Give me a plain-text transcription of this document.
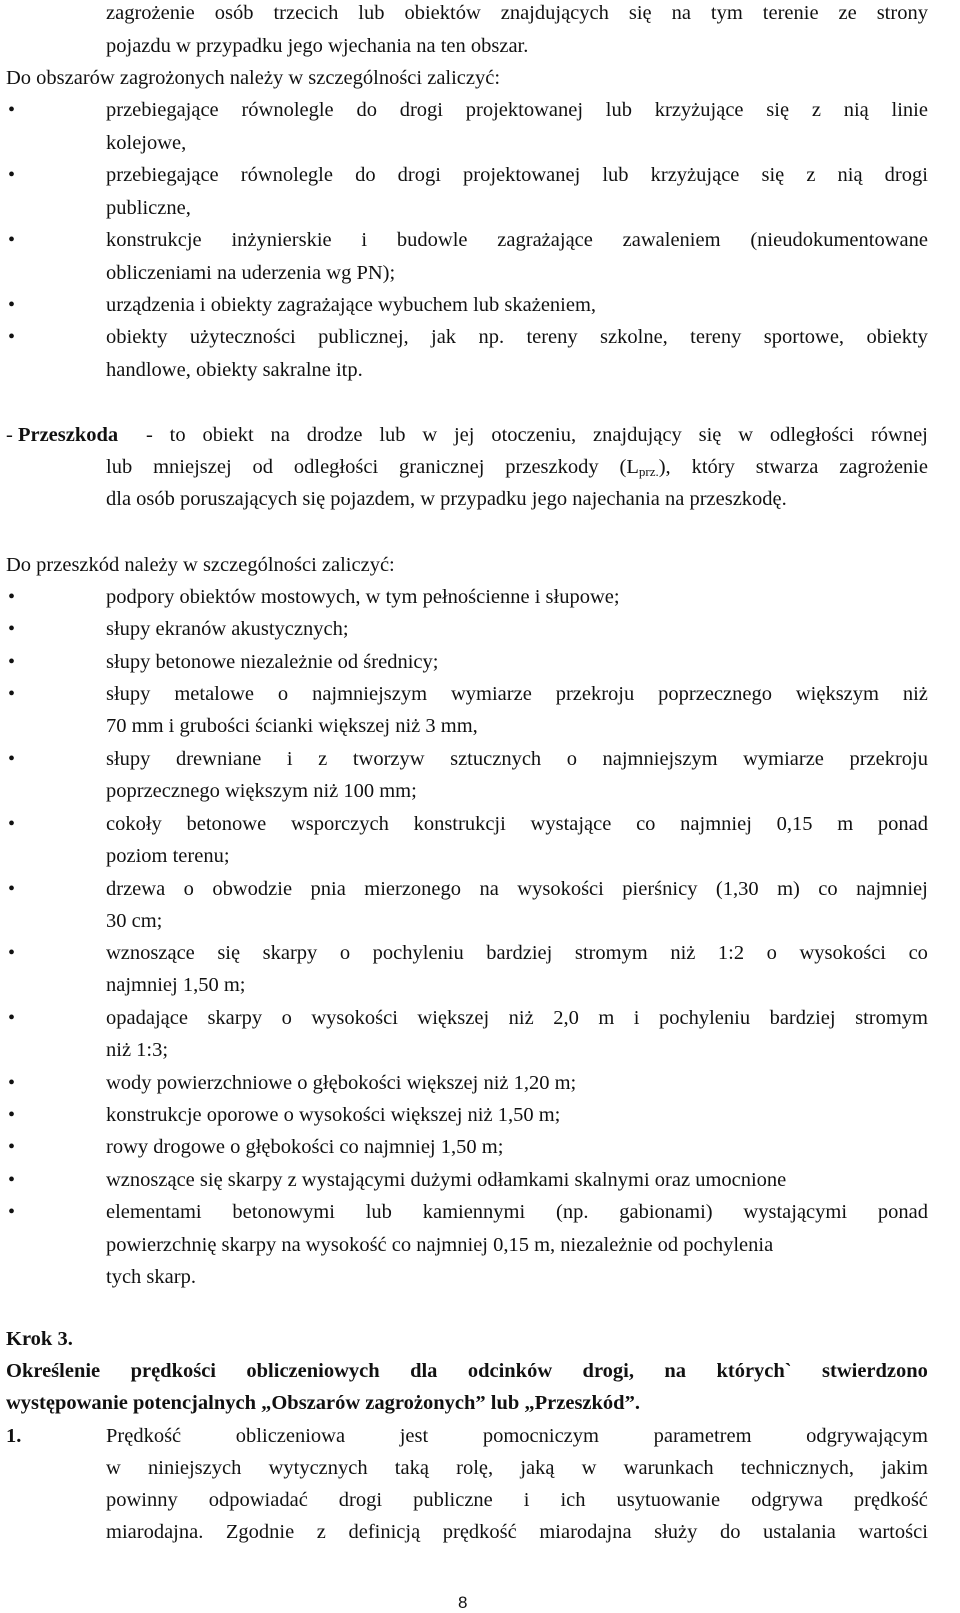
zagrożenie osób trzecich lub obiektów znajdujących się na tym terenie ze strony
pojazdu w przypadku jego wjechania na ten obszar.
Do obszarów zagrożonych należy w szczególności zaliczyć:
•	przebiegające równolegle do drogi projektowanej lub krzyżujące się z nią linie
kolejowe,
•	przebiegające równolegle do drogi projektowanej lub krzyżujące się z nią drogi
publiczne,
•	konstrukcje inżynierskie i budowle zagrażające zawaleniem (nieudokumentowane
obliczeniami na uderzenia wg PN);
•	urządzenia i obiekty zagrażające wybuchem lub skażeniem,
•	obiekty użyteczności publicznej, jak np. tereny szkolne, tereny sportowe, obiekty
handlowe, obiekty sakralne itp.
- Przeszkoda - to obiekt na drodze lub w jej otoczeniu, znajdujący się w odległości równej
lub mniejszej od odległości granicznej przeszkody $(L_{prz.})$, który stwarza zagrożenie
dla osób poruszających się pojazdem, w przypadku jego najechania na przeszkodę.
Do przeszkód należy w szczególności zaliczyć:
•	podpory obiektów mostowych, w tym pełnościenne i słupowe;
•	słupy ekranów akustycznych;
•	słupy betonowe niezależnie od średnicy;
•	słupy metalowe o najmniejszym wymiarze przekroju poprzecznego większym niż
70 mm i grubości ścianki większej niż 3 mm,
•	słupy drewniane i z tworzyw sztucznych o najmniejszym wymiarze przekroju
poprzecznego większym niż 100 mm;
•	cokoły betonowe wsporczych konstrukcji wystające co najmniej 0,15 m ponad
poziom terenu;
•	drzewa o obwodzie pnia mierzonego na wysokości pierśnicy (1,30 m) co najmniej
30 cm;
•	wznoszące się skarpy o pochyleniu bardziej stromym niż 1:2 o wysokości co
najmniej 1,50 m;
•	opadające skarpy o wysokości większej niż 2,0 m i pochyleniu bardziej stromym
niż 1:3;
•	wody powierzchniowe o głębokości większej niż 1,20 m;
•	konstrukcje oporowe o wysokości większej niż 1,50 m;
•	rowy drogowe o głębokości co najmniej 1,50 m;
•	wznoszące się skarpy z wystającymi dużymi odłamkami skalnymi oraz umocnione
•	elementami betonowymi lub kamiennymi (np. gabionami) wystającymi ponad
powierzchnię skarpy na wysokość co najmniej 0,15 m, niezależnie od pochylenia
tych skarp.
Krok 3.
Określenie prędkości obliczeniowych dla odcinków drogi, na których` stwierdzono
występowanie potencjalnych „Obszarów zagrożonych” lub „Przeszkód”.
1.	Prędkość	obliczeniowa	jest	pomocniczym	parametrem	odgrywającym
w niniejszych wytycznych taką rolę, jaką w warunkach technicznych, jakim
powinny odpowiadać drogi publiczne i ich usytuowanie odgrywa prędkość
miarodajna. Zgodnie z definicją prędkość miarodajna służy do ustalania wartości
8
